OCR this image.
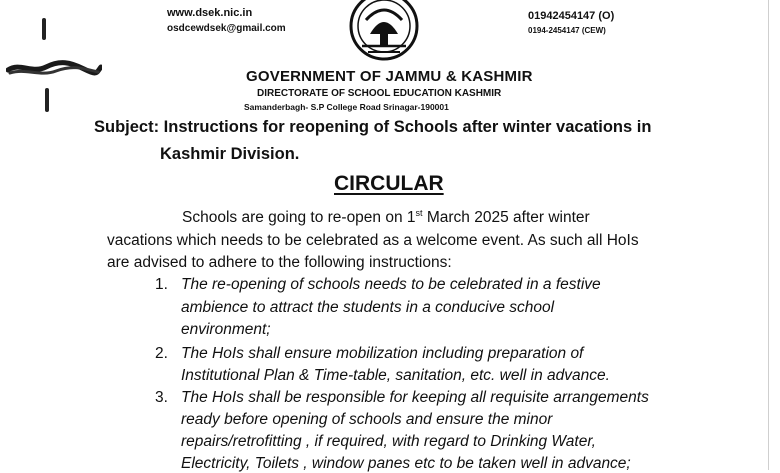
www.dsek.nic.in
osdcewdsek@gmail.com
01942454147 (O)
0194-2454147 (CEW)
GOVERNMENT OF JAMMU & KASHMIR
DIRECTORATE OF SCHOOL EDUCATION KASHMIR
Samanderbagh- S.P College Road Srinagar-190001
Subject: Instructions for reopening of Schools after winter vacations in
Kashmir Division.
CIRCULAR
Schools are going to re-open on 1st March 2025 after winter
vacations which needs to be celebrated as a welcome event. As such all HoIs
are advised to adhere to the following instructions:
1. The re-opening of schools needs to be celebrated in a festive
ambience to attract the students in a conducive school
environment;
2. The HoIs shall ensure mobilization including preparation of
Institutional Plan & Time-table, sanitation, etc. well in advance.
3. The HoIs shall be responsible for keeping all requisite arrangements
ready before opening of schools and ensure the minor
repairs/retrofitting , if required, with regard to Drinking Water,
Electricity, Toilets , window panes etc to be taken well in advance;
